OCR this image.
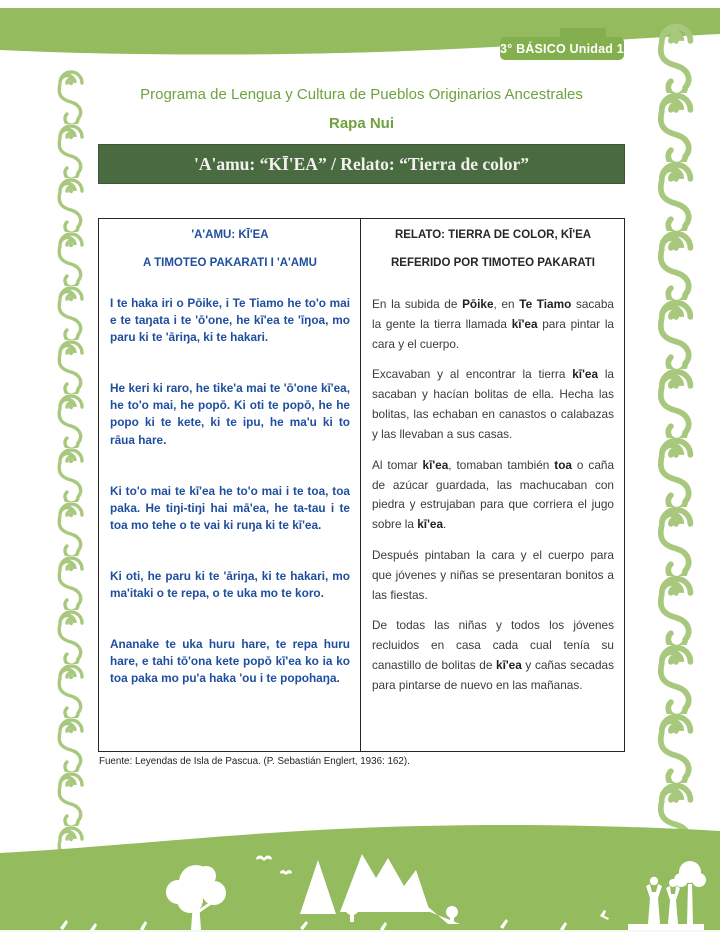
3° BÁSICO Unidad 1
Programa de Lengua y Cultura de Pueblos Originarios Ancestrales
Rapa Nui
'A'amu: “KĪ'EA” / Relato: “Tierra de color”
'A'AMU: KĪ'EA
A TIMOTEO PAKARATI I 'A'AMU

I te haka iri o Pōike, i Te Tiamo he to'o mai e te taŋata i te 'ō'one, he kī'ea te 'īŋoa, mo paru ki te 'āriŋa, ki te hakari.

He keri ki raro, he tike'a mai te 'ō'one kī'ea, he to'o mai, he popō. Ki oti te popō, he he popo ki te kete, ki te ipu, he ma'u ki to rāua hare.

Ki to'o mai te kī'ea he to'o mai i te toa, toa paka. He tiŋi-tiŋi hai mā'ea, he ta-tau i te toa mo tehe o te vai ki ruŋa ki te kī'ea.

Ki oti, he paru ki te 'āriŋa, ki te hakari, mo ma'itaki o te repa, o te uka mo te koro.

Ananake te uka huru hare, te repa huru hare, e tahi tō'ona kete popō kī'ea ko ia ko toa paka mo pu'a haka 'ou i te popohaŋa.

RELATO: TIERRA DE COLOR, KĪ'EA
REFERIDO POR TIMOTEO PAKARATI

En la subida de Pōike, en Te Tiamo sacaba la gente la tierra llamada kī'ea para pintar la cara y el cuerpo.

Excavaban y al encontrar la tierra kī'ea la sacaban y hacían bolitas de ella. Hecha las bolitas, las echaban en canastos o calabazas y las llevaban a sus casas.

Al tomar kī'ea, tomaban también toa o caña de azúcar guardada, las machucaban con piedra y estrujaban para que corriera el jugo sobre la kī'ea.

Después pintaban la cara y el cuerpo para que jóvenes y niñas se presentaran bonitos a las fiestas.

De todas las niñas y todos los jóvenes recluidos en casa cada cual tenía su canastillo de bolitas de kī'ea y cañas secadas para pintarse de nuevo en las mañanas.

Fuente: Leyendas de Isla de Pascua. (P. Sebastián Englert, 1936: 162).
